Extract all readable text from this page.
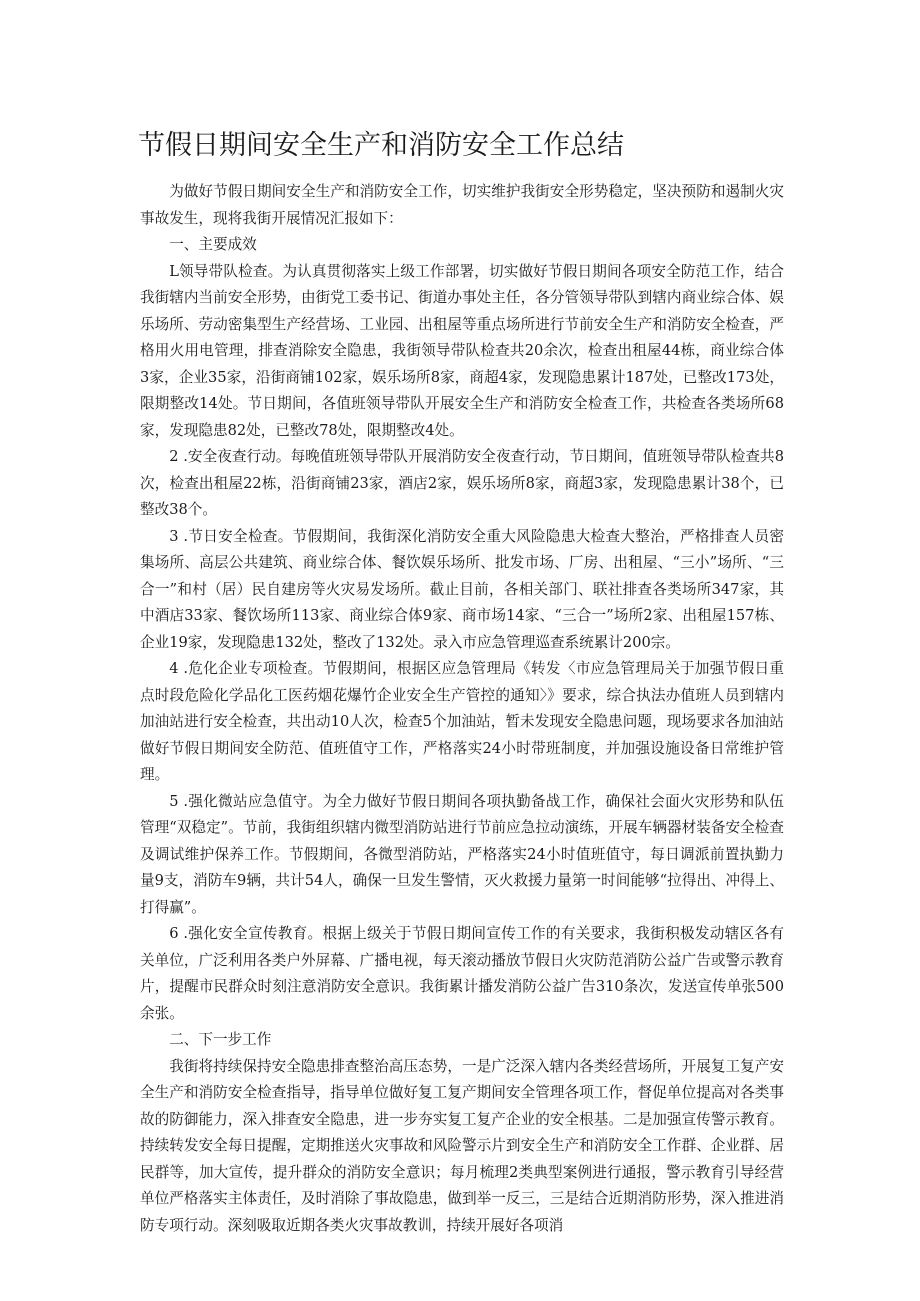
节假日期间安全生产和消防安全工作总结

为做好节假日期间安全生产和消防安全工作，切实维护我街安全形势稳定，坚决预防和遏制火灾事故发生，现将我街开展情况汇报如下：

一、主要成效

L领导带队检查。为认真贯彻落实上级工作部署，切实做好节假日期间各项安全防范工作，结合我街辖内当前安全形势，由街党工委书记、街道办事处主任，各分管领导带队到辖内商业综合体、娱乐场所、劳动密集型生产经营场、工业园、出租屋等重点场所进行节前安全生产和消防安全检查，严格用火用电管理，排查消除安全隐患，我街领导带队检查共20余次，检查出租屋44栋，商业综合体3家，企业35家，沿街商铺102家，娱乐场所8家，商超4家，发现隐患累计187处，已整改173处，限期整改14处。节日期间，各值班领导带队开展安全生产和消防安全检查工作，共检查各类场所68家，发现隐患82处，已整改78处，限期整改4处。

2 .安全夜查行动。每晚值班领导带队开展消防安全夜查行动，节日期间，值班领导带队检查共8次，检查出租屋22栋，沿街商铺23家，酒店2家，娱乐场所8家，商超3家，发现隐患累计38个，已整改38个。

3 .节日安全检查。节假期间，我街深化消防安全重大风险隐患大检查大整治，严格排查人员密集场所、高层公共建筑、商业综合体、餐饮娱乐场所、批发市场、厂房、出租屋、“三小”场所、“三合一”和村（居）民自建房等火灾易发场所。截止目前，各相关部门、联社排查各类场所347家，其中酒店33家、餐饮场所113家、商业综合体9家、商市场14家、“三合一”场所2家、出租屋157栋、企业19家，发现隐患132处，整改了132处。录入市应急管理巡查系统累计200宗。

4 .危化企业专项检查。节假期间，根据区应急管理局《转发〈市应急管理局关于加强节假日重点时段危险化学品化工医药烟花爆竹企业安全生产管控的通知〉》要求，综合执法办值班人员到辖内加油站进行安全检查，共出动10人次，检查5个加油站，暂未发现安全隐患问题，现场要求各加油站做好节假日期间安全防范、值班值守工作，严格落实24小时带班制度，并加强设施设备日常维护管理。

5 .强化微站应急值守。为全力做好节假日期间各项执勤备战工作，确保社会面火灾形势和队伍管理“双稳定”。节前，我街组织辖内微型消防站进行节前应急拉动演练，开展车辆器材装备安全检查及调试维护保养工作。节假期间，各微型消防站，严格落实24小时值班值守，每日调派前置执勤力量9支，消防车9辆，共计54人，确保一旦发生警情，灭火救援力量第一时间能够“拉得出、冲得上、打得赢”。

6 .强化安全宣传教育。根据上级关于节假日期间宣传工作的有关要求，我街积极发动辖区各有关单位，广泛利用各类户外屏幕、广播电视，每天滚动播放节假日火灾防范消防公益广告或警示教育片，提醒市民群众时刻注意消防安全意识。我街累计播发消防公益广告310条次，发送宣传单张500余张。

二、下一步工作

我街将持续保持安全隐患排查整治高压态势，一是广泛深入辖内各类经营场所，开展复工复产安全生产和消防安全检查指导，指导单位做好复工复产期间安全管理各项工作，督促单位提高对各类事故的防御能力，深入排查安全隐患，进一步夯实复工复产企业的安全根基。二是加强宣传警示教育。持续转发安全每日提醒，定期推送火灾事故和风险警示片到安全生产和消防安全工作群、企业群、居民群等，加大宣传，提升群众的消防安全意识；每月梳理2类典型案例进行通报，警示教育引导经营单位严格落实主体责任，及时消除了事故隐患，做到举一反三，三是结合近期消防形势，深入推进消防专项行动。深刻吸取近期各类火灾事故教训，持续开展好各项消
